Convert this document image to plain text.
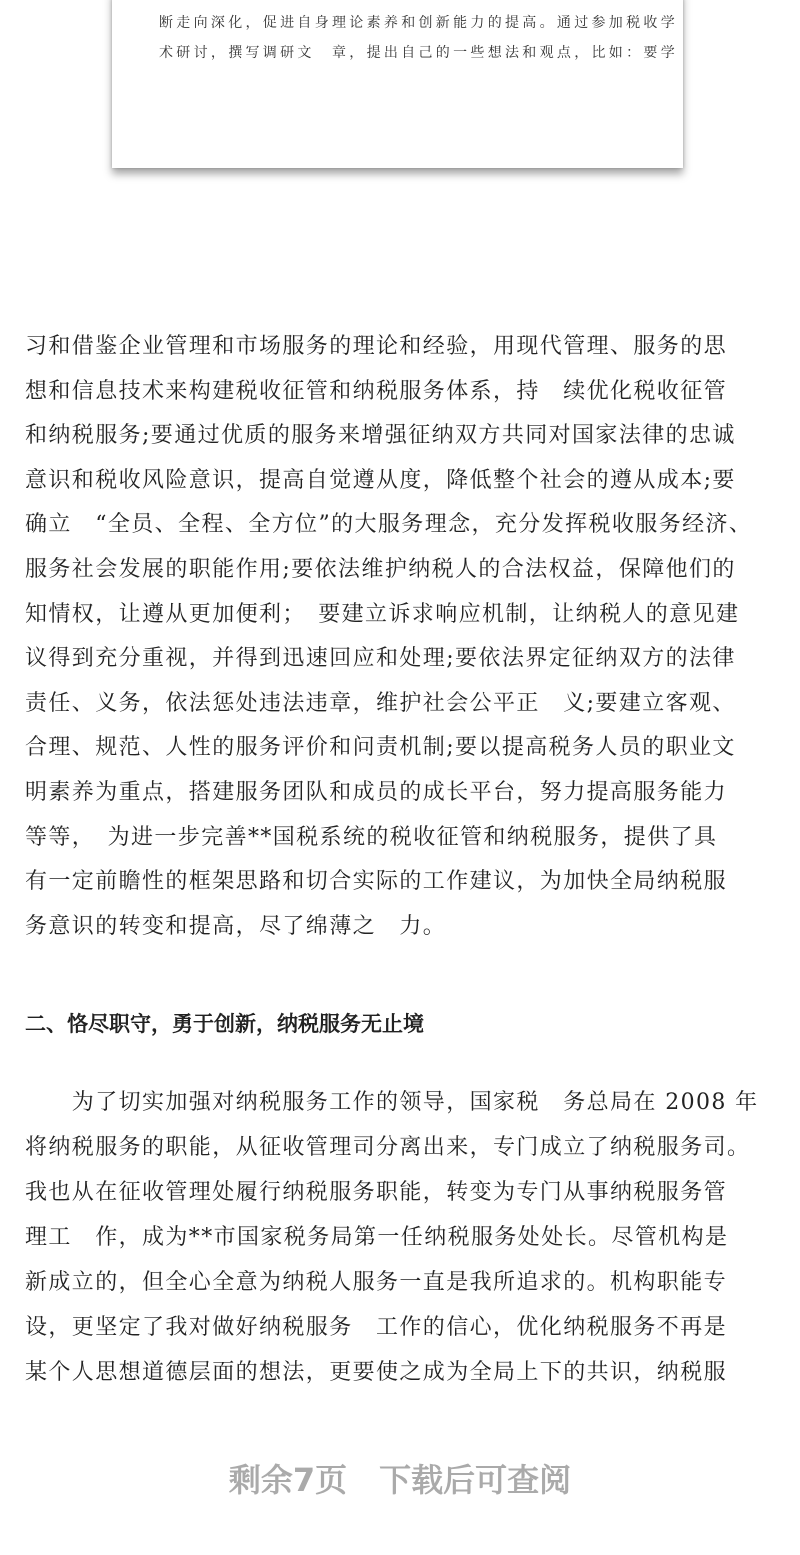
断走向深化，促进自身理论素养和创新能力的提高。通过参加税收学
术研讨，撰写调研文　章，提出自己的一些想法和观点，比如：要学
习和借鉴企业管理和市场服务的理论和经验，用现代管理、服务的思
想和信息技术来构建税收征管和纳税服务体系，持　续优化税收征管
和纳税服务;要通过优质的服务来增强征纳双方共同对国家法律的忠诚
意识和税收风险意识，提高自觉遵从度，降低整个社会的遵从成本;要
确立　“全员、全程、全方位”的大服务理念，充分发挥税收服务经济、
服务社会发展的职能作用;要依法维护纳税人的合法权益，保障他们的
知情权，让遵从更加便利；　要建立诉求响应机制，让纳税人的意见建
议得到充分重视，并得到迅速回应和处理;要依法界定征纳双方的法律
责任、义务，依法惩处违法违章，维护社会公平正　义;要建立客观、
合理、规范、人性的服务评价和问责机制;要以提高税务人员的职业文
明素养为重点，搭建服务团队和成员的成长平台，努力提高服务能力
等等，　为进一步完善**国税系统的税收征管和纳税服务，提供了具
有一定前瞻性的框架思路和切合实际的工作建议，为加快全局纳税服
务意识的转变和提高，尽了绵薄之　力。
二、恪尽职守，勇于创新，纳税服务无止境
　　为了切实加强对纳税服务工作的领导，国家税　务总局在 2008 年
将纳税服务的职能，从征收管理司分离出来，专门成立了纳税服务司。
我也从在征收管理处履行纳税服务职能，转变为专门从事纳税服务管
理工　作，成为**市国家税务局第一任纳税服务处处长。尽管机构是
新成立的，但全心全意为纳税人服务一直是我所追求的。机构职能专
设，更坚定了我对做好纳税服务　工作的信心，优化纳税服务不再是
某个人思想道德层面的想法，更要使之成为全局上下的共识，纳税服
剩余7页 下载后可查阅
